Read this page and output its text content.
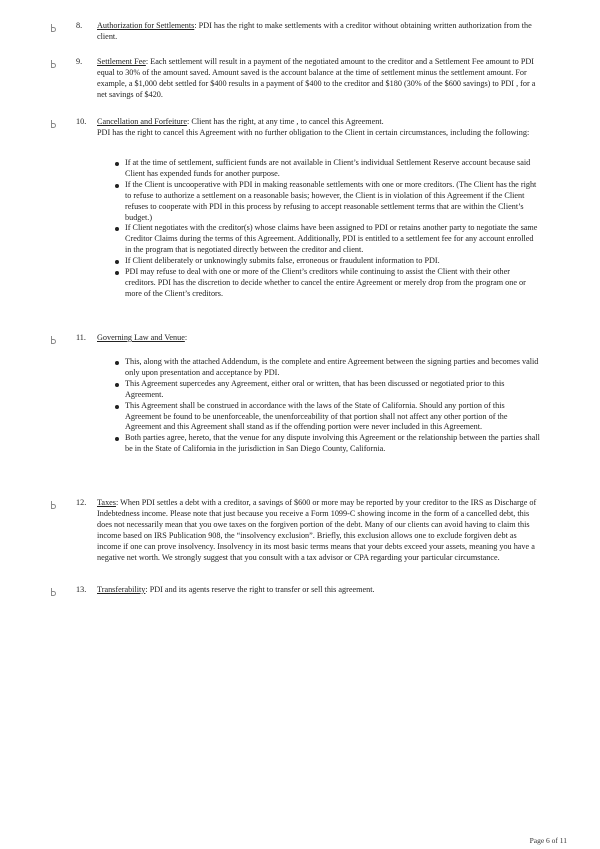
8. Authorization for Settlements: PDI has the right to make settlements with a creditor without obtaining written authorization from the client.
9. Settlement Fee: Each settlement will result in a payment of the negotiated amount to the creditor and a Settlement Fee amount to PDI equal to 30% of the amount saved. Amount saved is the account balance at the time of settlement minus the settlement amount. For example, a $1,000 debt settled for $400 results in a payment of $400 to the creditor and $180 (30% of the $600 savings) to PDI , for a net savings of $420.
10. Cancellation and Forfeiture: Client has the right, at any time , to cancel this Agreement.
PDI has the right to cancel this Agreement with no further obligation to the Client in certain circumstances, including the following:
If at the time of settlement, sufficient funds are not available in Client’s individual Settlement Reserve account because said Client has expended funds for another purpose.
If the Client is uncooperative with PDI in making reasonable settlements with one or more creditors. (The Client has the right to refuse to authorize a settlement on a reasonable basis; however, the Client is in violation of this Agreement if the Client refuses to cooperate with PDI in this process by refusing to accept reasonable settlement terms that are within the Client’s budget.)
If Client negotiates with the creditor(s) whose claims have been assigned to PDI or retains another party to negotiate the same Creditor Claims during the terms of this Agreement. Additionally, PDI is entitled to a settlement fee for any account enrolled in the program that is negotiated directly between the creditor and client.
If Client deliberately or unknowingly submits false, erroneous or fraudulent information to PDI.
PDI may refuse to deal with one or more of the Client’s creditors while continuing to assist the Client with their other creditors. PDI has the discretion to decide whether to cancel the entire Agreement or merely drop from the program one or more of the Client’s creditors.
11. Governing Law and Venue:
This, along with the attached Addendum, is the complete and entire Agreement between the signing parties and becomes valid only upon presentation and acceptance by PDI.
This Agreement supercedes any Agreement, either oral or written, that has been discussed or negotiated prior to this Agreement.
This Agreement shall be construed in accordance with the laws of the State of California. Should any portion of this Agreement be found to be unenforceable, the unenforceability of that portion shall not affect any other portion of the Agreement and this Agreement shall stand as if the offending portion were never included in this Agreement.
Both parties agree, hereto, that the venue for any dispute involving this Agreement or the relationship between the parties shall be in the State of California in the jurisdiction in San Diego County, California.
12. Taxes: When PDI settles a debt with a creditor, a savings of $600 or more may be reported by your creditor to the IRS as Discharge of Indebtedness income. Please note that just because you receive a Form 1099-C showing income in the form of a cancelled debt, this does not necessarily mean that you owe taxes on the forgiven portion of the debt. Many of our clients can avoid having to claim this income based on IRS Publication 908, the “insolvency exclusion”. Briefly, this exclusion allows one to exclude forgiven debt as income if one can prove insolvency. Insolvency in its most basic terms means that your debts exceed your assets, meaning you have a negative net worth. We strongly suggest that you consult with a tax advisor or CPA regarding your particular circumstance.
13. Transferability: PDI and its agents reserve the right to transfer or sell this agreement.
Page 6 of 11
